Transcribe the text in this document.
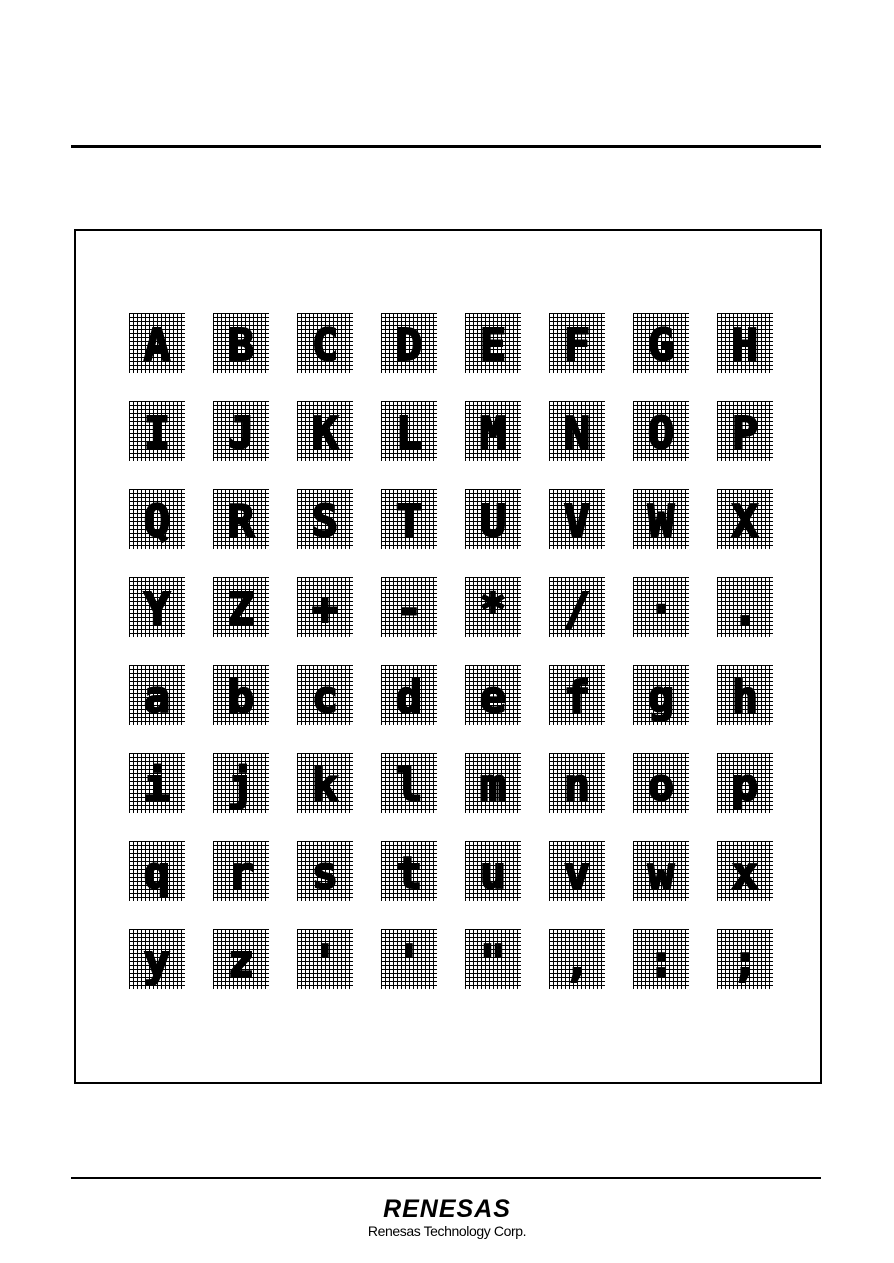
A B C D E F G H
I J K L M N O P
Q R S T U V W X
Y Z + - * / · .
a b c d e f g h
i j k l m n o p
q r s t u v w x
y z ' ' " , : ;
RENESAS
Renesas Technology Corp.
